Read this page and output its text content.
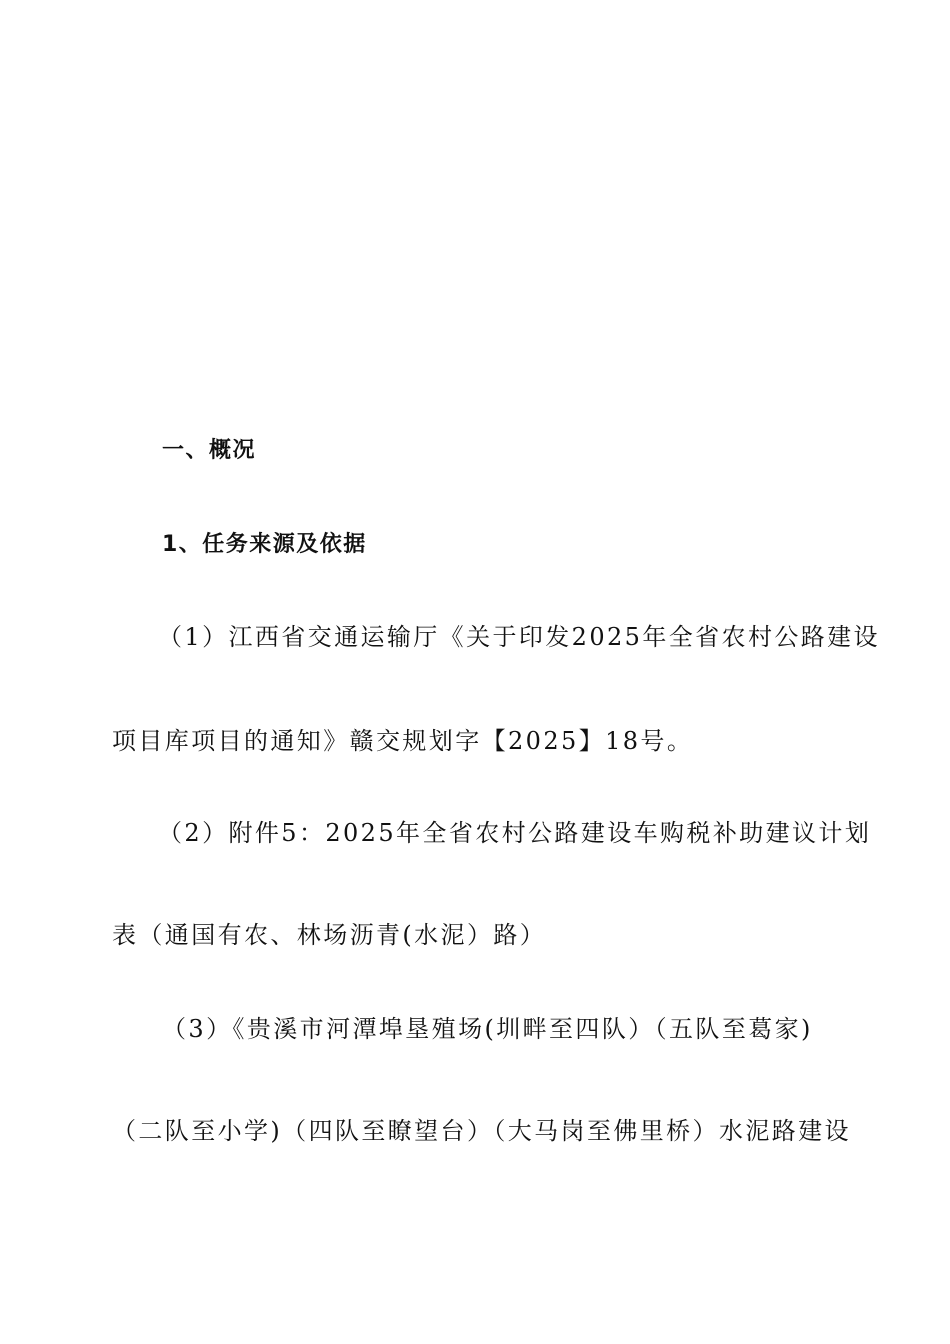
一、概况
1、任务来源及依据
（1）江西省交通运输厅《关于印发2025年全省农村公路建设
项目库项目的通知》赣交规划字【2025】18号。
（2）附件5：2025年全省农村公路建设车购税补助建议计划
表（通国有农、林场沥青(水泥）路）
（3）《贵溪市河潭埠垦殖场(圳畔至四队）（五队至葛家)
（二队至小学)（四队至瞭望台）（大马岗至佛里桥）水泥路建设
